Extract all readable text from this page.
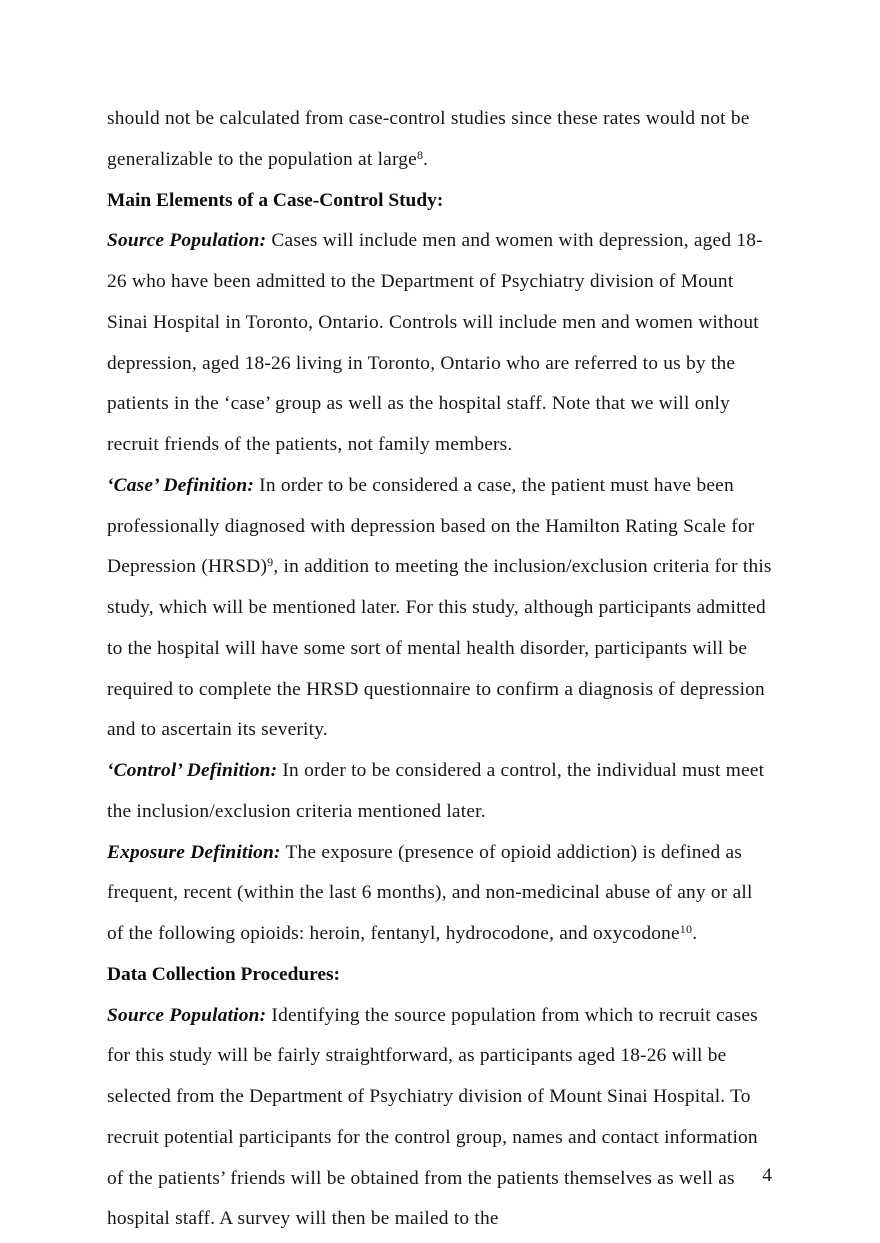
should not be calculated from case-control studies since these rates would not be generalizable to the population at large$^8$.

Main Elements of a Case-Control Study:

Source Population: Cases will include men and women with depression, aged 18-26 who have been admitted to the Department of Psychiatry division of Mount Sinai Hospital in Toronto, Ontario. Controls will include men and women without depression, aged 18-26 living in Toronto, Ontario who are referred to us by the patients in the ‘case’ group as well as the hospital staff. Note that we will only recruit friends of the patients, not family members.

‘Case’ Definition: In order to be considered a case, the patient must have been professionally diagnosed with depression based on the Hamilton Rating Scale for Depression (HRSD)$^9$, in addition to meeting the inclusion/exclusion criteria for this study, which will be mentioned later. For this study, although participants admitted to the hospital will have some sort of mental health disorder, participants will be required to complete the HRSD questionnaire to confirm a diagnosis of depression and to ascertain its severity.

‘Control’ Definition: In order to be considered a control, the individual must meet the inclusion/exclusion criteria mentioned later.

Exposure Definition: The exposure (presence of opioid addiction) is defined as frequent, recent (within the last 6 months), and non-medicinal abuse of any or all of the following opioids: heroin, fentanyl, hydrocodone, and oxycodone$^{10}$.

Data Collection Procedures:

Source Population: Identifying the source population from which to recruit cases for this study will be fairly straightforward, as participants aged 18-26 will be selected from the Department of Psychiatry division of Mount Sinai Hospital. To recruit potential participants for the control group, names and contact information of the patients’ friends will be obtained from the patients themselves as well as hospital staff. A survey will then be mailed to the

4
